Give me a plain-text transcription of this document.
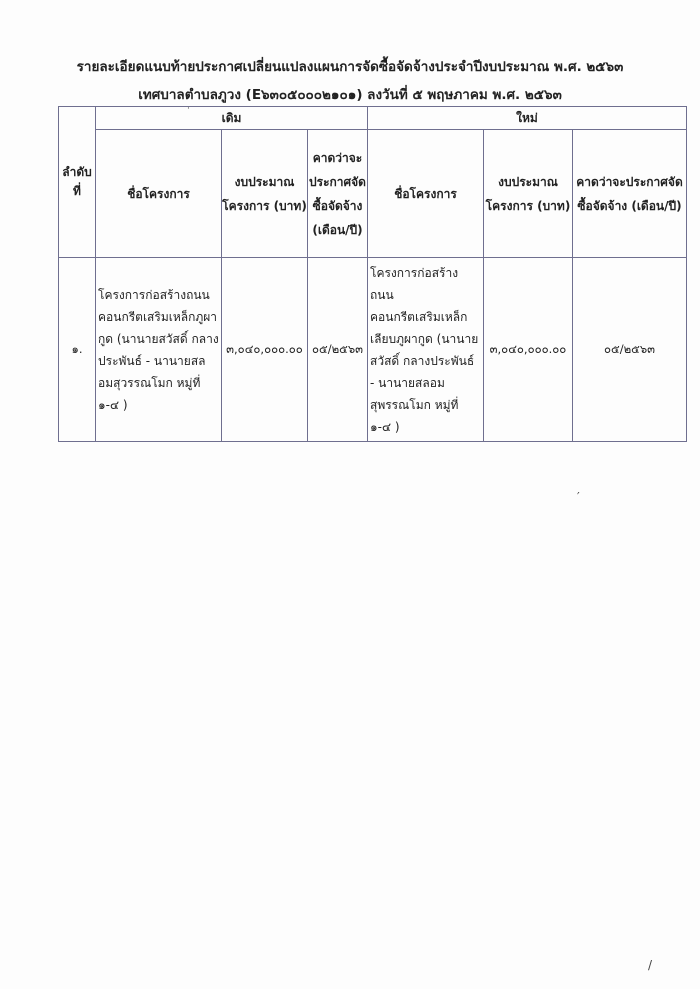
รายละเอียดแนบท้ายประกาศเปลี่ยนแปลงแผนการจัดซื้อจัดจ้างประจำปีงบประมาณ พ.ศ. ๒๕๖๓
เทศบาลตำบลภูวง (E๖๓๐๕๐๐๐๒๑๐๑) ลงวันที่ ๕ พฤษภาคม พ.ศ. ๒๕๖๓
ลำดับที่	เดิม			ใหม่		
	ชื่อโครงการ	งบประมาณโครงการ (บาท)	คาดว่าจะประกาศจัดซื้อจัดจ้าง (เดือน/ปี)	ชื่อโครงการ	งบประมาณโครงการ (บาท)	คาดว่าจะประกาศจัดซื้อจัดจ้าง (เดือน/ปี)
๑.	โครงการก่อสร้างถนนคอนกรีตเสริมเหล็กภูผากูด (นานายสวัสดิ์ กลางประพันธ์ - นานายสลอมสุวรรณโมก หมู่ที่ ๑-๔ )	๓,๐๔๐,๐๐๐.๐๐	๐๕/๒๕๖๓	โครงการก่อสร้างถนนคอนกรีตเสริมเหล็กเลียบภูผากูด (นานายสวัสดิ์ กลางประพันธ์ - นานายสลอมสุพรรณโมก หมู่ที่ ๑-๔ )	๓,๐๔๐,๐๐๐.๐๐	๐๕/๒๕๖๓
·
′
/
